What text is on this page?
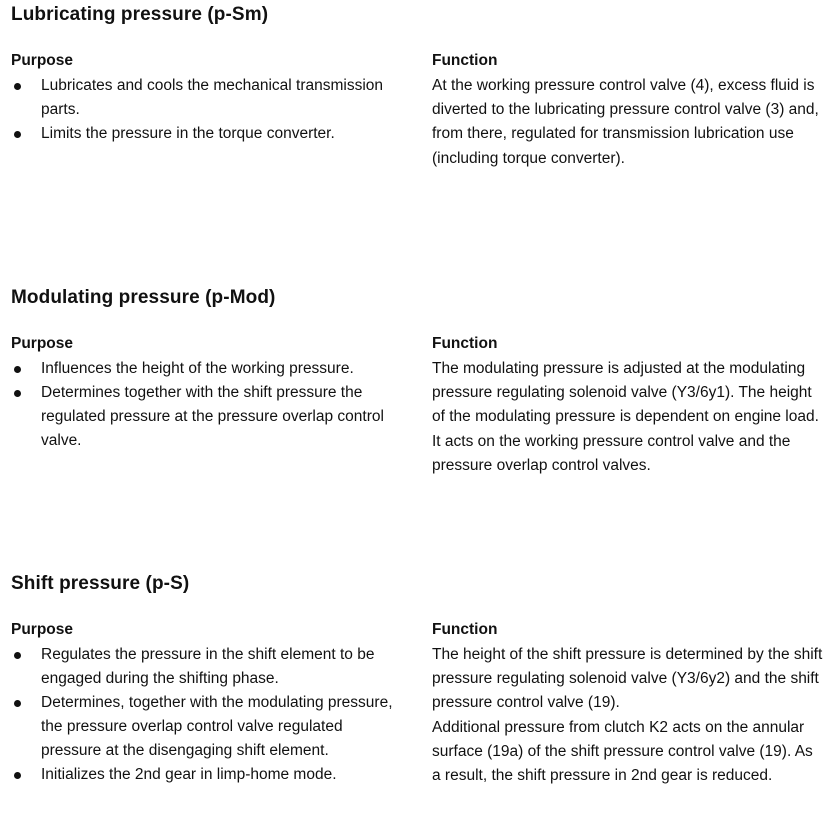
Lubricating pressure (p-Sm)
Purpose
Lubricates and cools the mechanical transmission parts.
Limits the pressure in the torque converter.
Function

At the working pressure control valve (4), excess fluid is diverted to the lubricating pressure control valve (3) and, from there, regulated for transmission lubrication use (including torque converter).

Modulating pressure (p-Mod)
Purpose
Influences the height of the working pressure.
Determines together with the shift pressure the regulated pressure at the pressure overlap control valve.
Function

The modulating pressure is adjusted at the modulating pressure regulating solenoid valve (Y3/6y1). The height of the modulating pressure is dependent on engine load. It acts on the working pressure control valve and the pressure overlap control valves.

Shift pressure (p-S)
Purpose
Regulates the pressure in the shift element to be engaged during the shifting phase.
Determines, together with the modulating pressure, the pressure overlap control valve regulated pressure at the disengaging shift element.
Initializes the 2nd gear in limp-home mode.
Function

The height of the shift pressure is determined by the shift pressure regulating solenoid valve (Y3/6y2) and the shift pressure control valve (19).

Additional pressure from clutch K2 acts on the annular surface (19a) of the shift pressure control valve (19). As a result, the shift pressure in 2nd gear is reduced.
